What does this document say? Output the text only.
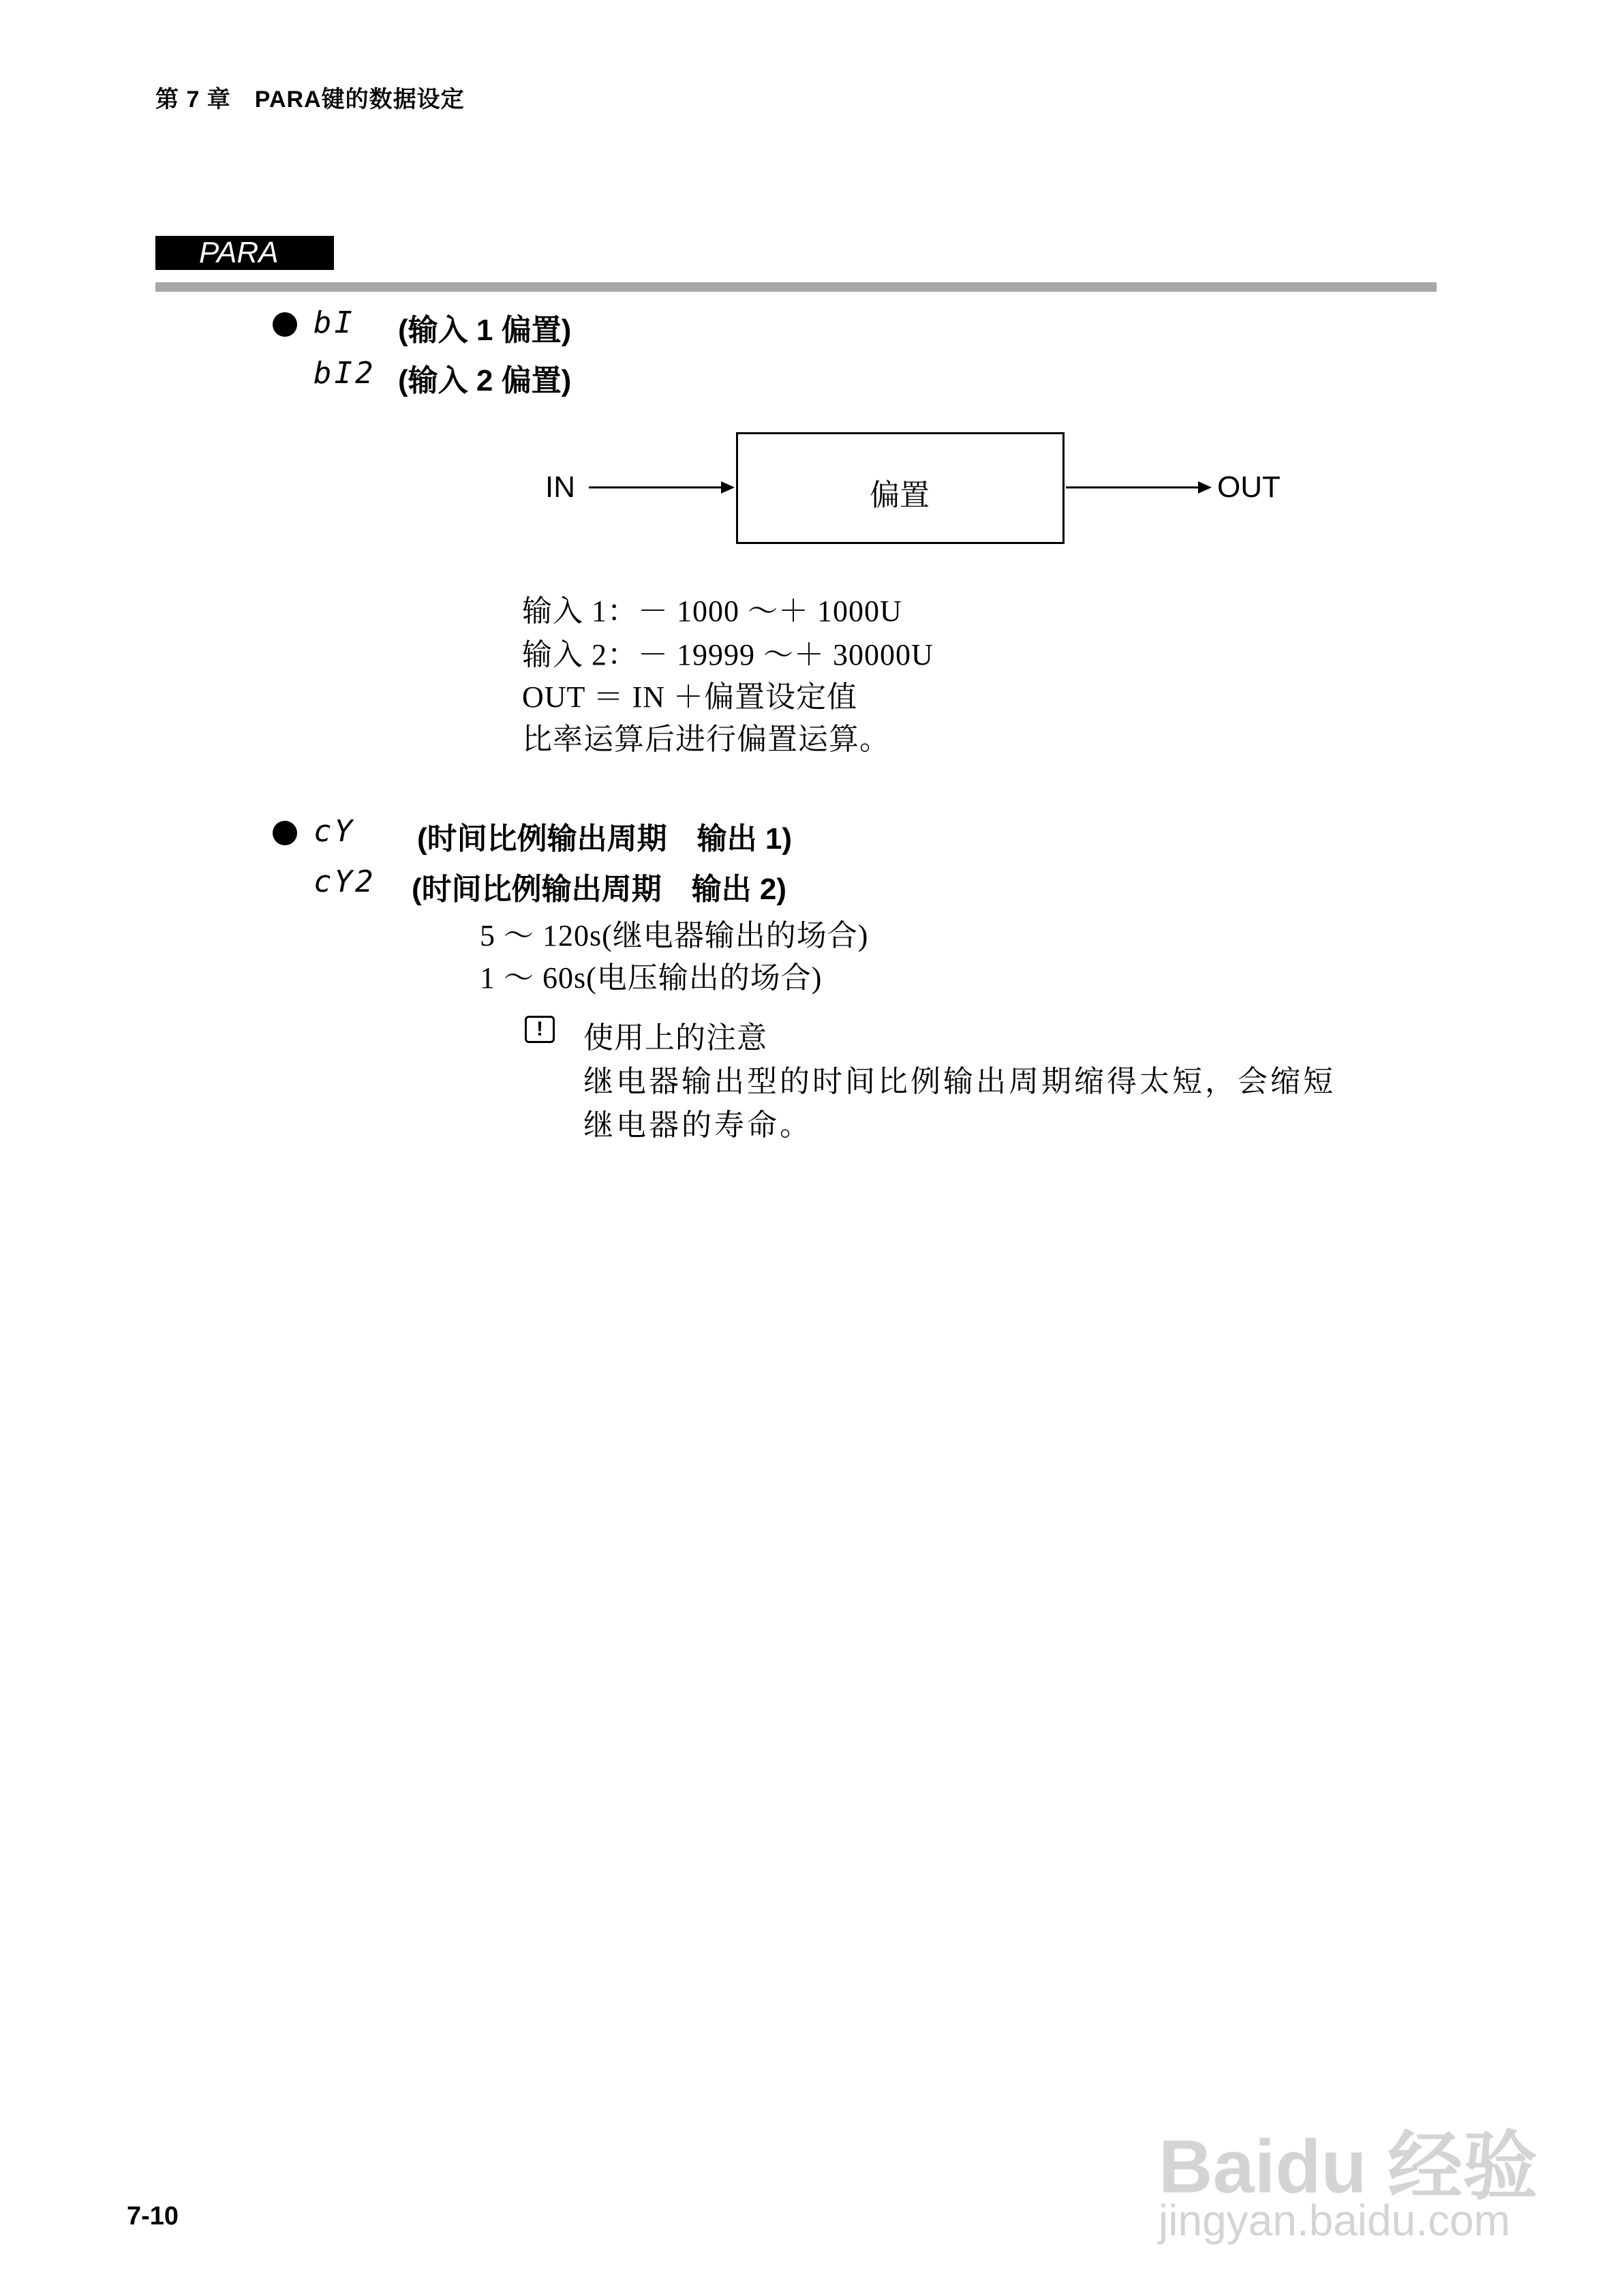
第 7 章　PARA键的数据设定
PARA
bI (输入 1 偏置)
bI2 (输入 2 偏置)
IN	偏置	OUT
输入 1：－ 1000 ～＋ 1000U
输入 2：－ 19999 ～＋ 30000U
OUT ＝ IN ＋偏置设定值
比率运算后进行偏置运算。
cY (时间比例输出周期　输出 1)
cY2 (时间比例输出周期　输出 2)
5 ～ 120s(继电器输出的场合)
1 ～ 60s(电压输出的场合)
!	使用上的注意
继电器输出型的时间比例输出周期缩得太短，会缩短
继电器的寿命。
7-10
Baidu 经验
jingyan.baidu.com
